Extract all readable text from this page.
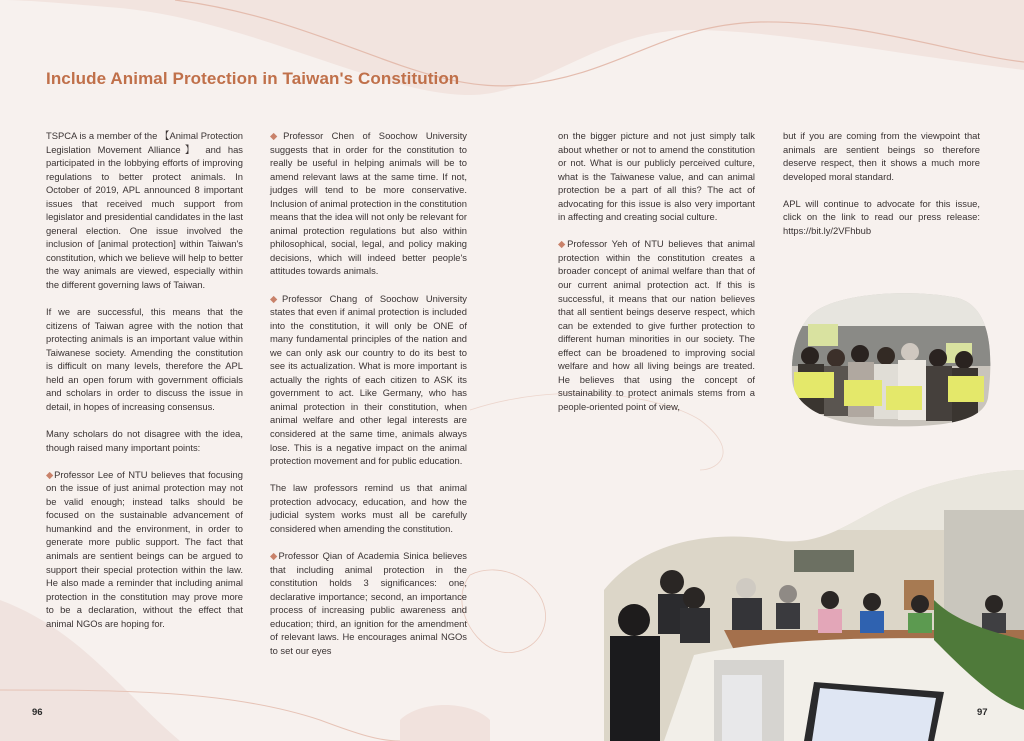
Include Animal Protection in Taiwan's Constitution

TSPCA is a member of the 【Animal Protection Legislation Movement Alliance】 and has participated in the lobbying efforts of improving regulations to better protect animals. In October of 2019, APL announced 8 important issues that received much support from legislator and presidential candidates in the last general election. One issue involved the inclusion of [animal protection] within Taiwan's constitution, which we believe will help to better the way animals are viewed, especially within the different governing laws of Taiwan.

If we are successful, this means that the citizens of Taiwan agree with the notion that protecting animals is an important value within Taiwanese society. Amending the constitution is difficult on many levels, therefore the APL held an open forum with government officials and scholars in order to discuss the issue in detail, in hopes of increasing consensus.

Many scholars do not disagree with the idea, though raised many important points:

◆Professor Lee of NTU believes that focusing on the issue of just animal protection may not be valid enough; instead talks should be focused on the sustainable advancement of humankind and the environment, in order to generate more public support. The fact that animals are sentient beings can be argued to support their special protection within the law. He also made a reminder that including animal protection in the constitution may prove more to be a declaration, without the effect that animal NGOs are hoping for.

◆Professor Chen of Soochow University suggests that in order for the constitution to really be useful in helping animals will be to amend relevant laws at the same time. If not, judges will tend to be more conservative. Inclusion of animal protection in the constitution means that the idea will not only be relevant for animal protection regulations but also within philosophical, social, legal, and policy making decisions, which will indeed better people's attitudes towards animals.

◆Professor Chang of Soochow University states that even if animal protection is included into the constitution, it will only be ONE of many fundamental principles of the nation and we can only ask our country to do its best to see its actualization. What is more important is actually the rights of each citizen to ASK its government to act. Like Germany, who has animal protection in their constitution, when animal welfare and other legal interests are considered at the same time, animals always lose. This is a negative impact on the animal protection movement and for public education.

The law professors remind us that animal protection advocacy, education, and how the judicial system works must all be carefully considered when amending the constitution.

◆Professor Qian of Academia Sinica believes that including animal protection in the constitution holds 3 significances: one, declarative importance; second, an importance process of increasing public awareness and education; third, an ignition for the amendment of relevant laws. He encourages animal NGOs to set our eyes

on the bigger picture and not just simply talk about whether or not to amend the constitution or not. What is our publicly perceived culture, what is the Taiwanese value, and can animal protection be a part of all this? The act of advocating for this issue is also very important in affecting and creating social culture.

◆Professor Yeh of NTU believes that animal protection within the constitution creates a broader concept of animal welfare than that of our current animal protection act. If this is successful, it means that our nation believes that all sentient beings deserve respect, which can be extended to give further protection to different human minorities in our society. The effect can be broadened to improving social welfare and how all living beings are treated. He believes that using the concept of sustainability to protect animals stems from a people-oriented point of view,

but if you are coming from the viewpoint that animals are sentient beings so therefore deserve respect, then it shows a much more developed moral standard.

APL will continue to advocate for this issue, click on the link to read our press release: https://bit.ly/2VFhbub

96	97
